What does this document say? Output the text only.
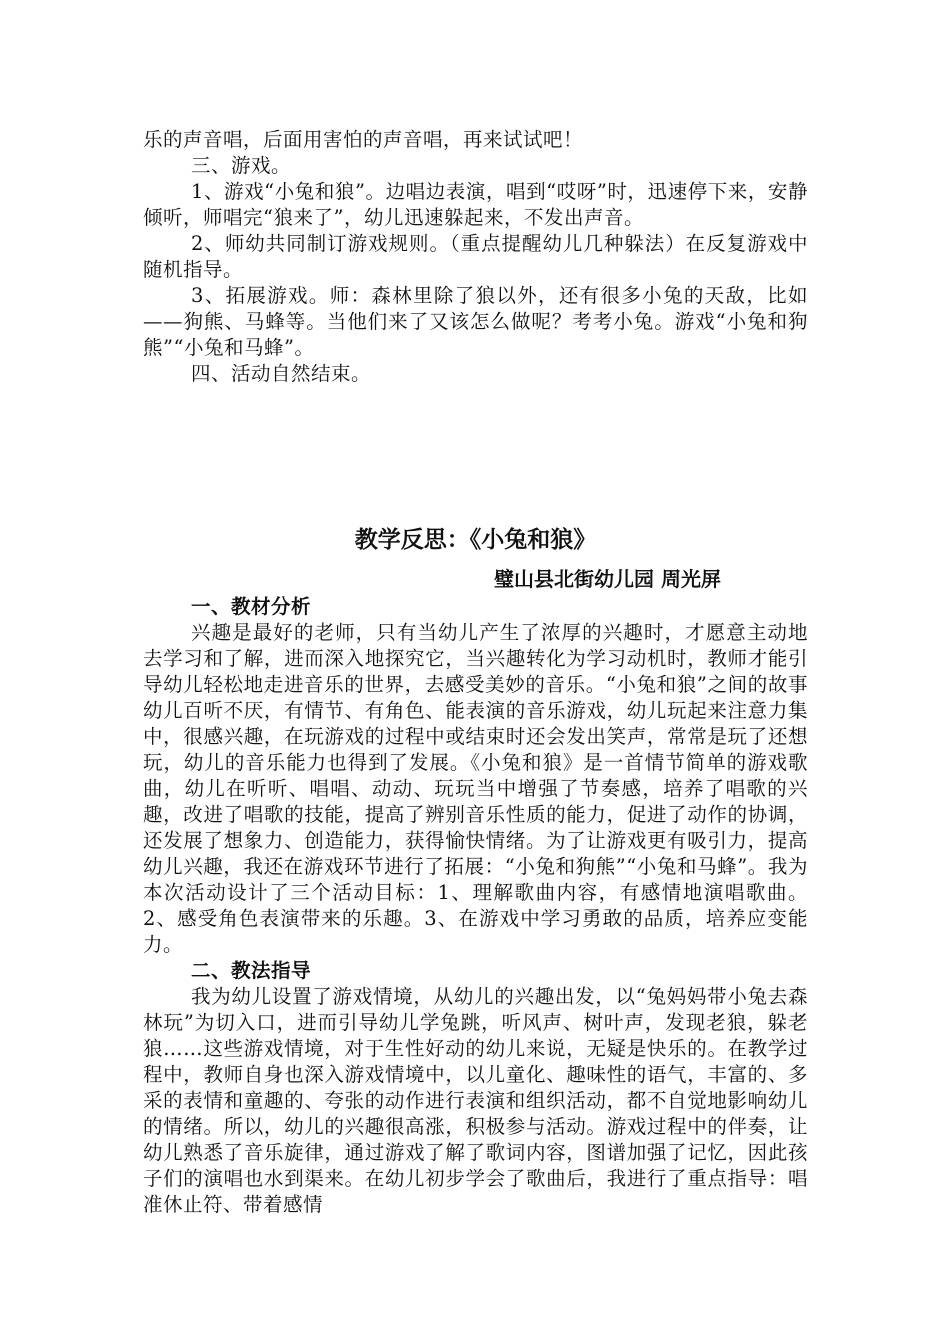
乐的声音唱，后面用害怕的声音唱，再来试试吧！

三、游戏。

1、游戏“小兔和狼”。边唱边表演，唱到“哎呀”时，迅速停下来，安静倾听，师唱完“狼来了”，幼儿迅速躲起来，不发出声音。

2、师幼共同制订游戏规则。（重点提醒幼儿几种躲法）在反复游戏中随机指导。

3、拓展游戏。师：森林里除了狼以外，还有很多小兔的天敌，比如——狗熊、马蜂等。当他们来了又该怎么做呢？考考小兔。游戏“小兔和狗熊”“小兔和马蜂”。

四、活动自然结束。

教学反思：《小兔和狼》
璧山县北街幼儿园 周光屏

一、教材分析

兴趣是最好的老师，只有当幼儿产生了浓厚的兴趣时，才愿意主动地去学习和了解，进而深入地探究它，当兴趣转化为学习动机时，教师才能引导幼儿轻松地走进音乐的世界，去感受美妙的音乐。“小兔和狼”之间的故事幼儿百听不厌，有情节、有角色、能表演的音乐游戏，幼儿玩起来注意力集中，很感兴趣，在玩游戏的过程中或结束时还会发出笑声，常常是玩了还想玩，幼儿的音乐能力也得到了发展。《小兔和狼》是一首情节简单的游戏歌曲，幼儿在听听、唱唱、动动、玩玩当中增强了节奏感，培养了唱歌的兴趣，改进了唱歌的技能，提高了辨别音乐性质的能力，促进了动作的协调，还发展了想象力、创造能力，获得愉快情绪。为了让游戏更有吸引力，提高幼儿兴趣，我还在游戏环节进行了拓展：“小兔和狗熊”“小兔和马蜂”。我为本次活动设计了三个活动目标：1、理解歌曲内容，有感情地演唱歌曲。2、感受角色表演带来的乐趣。3、在游戏中学习勇敢的品质，培养应变能力。

二、教法指导

我为幼儿设置了游戏情境，从幼儿的兴趣出发，以“兔妈妈带小兔去森林玩”为切入口，进而引导幼儿学兔跳，听风声、树叶声，发现老狼，躲老狼……这些游戏情境，对于生性好动的幼儿来说，无疑是快乐的。在教学过程中，教师自身也深入游戏情境中，以儿童化、趣味性的语气，丰富的、多采的表情和童趣的、夸张的动作进行表演和组织活动，都不自觉地影响幼儿的情绪。所以，幼儿的兴趣很高涨，积极参与活动。游戏过程中的伴奏，让幼儿熟悉了音乐旋律，通过游戏了解了歌词内容，图谱加强了记忆，因此孩子们的演唱也水到渠来。在幼儿初步学会了歌曲后，我进行了重点指导：唱准休止符、带着感情
